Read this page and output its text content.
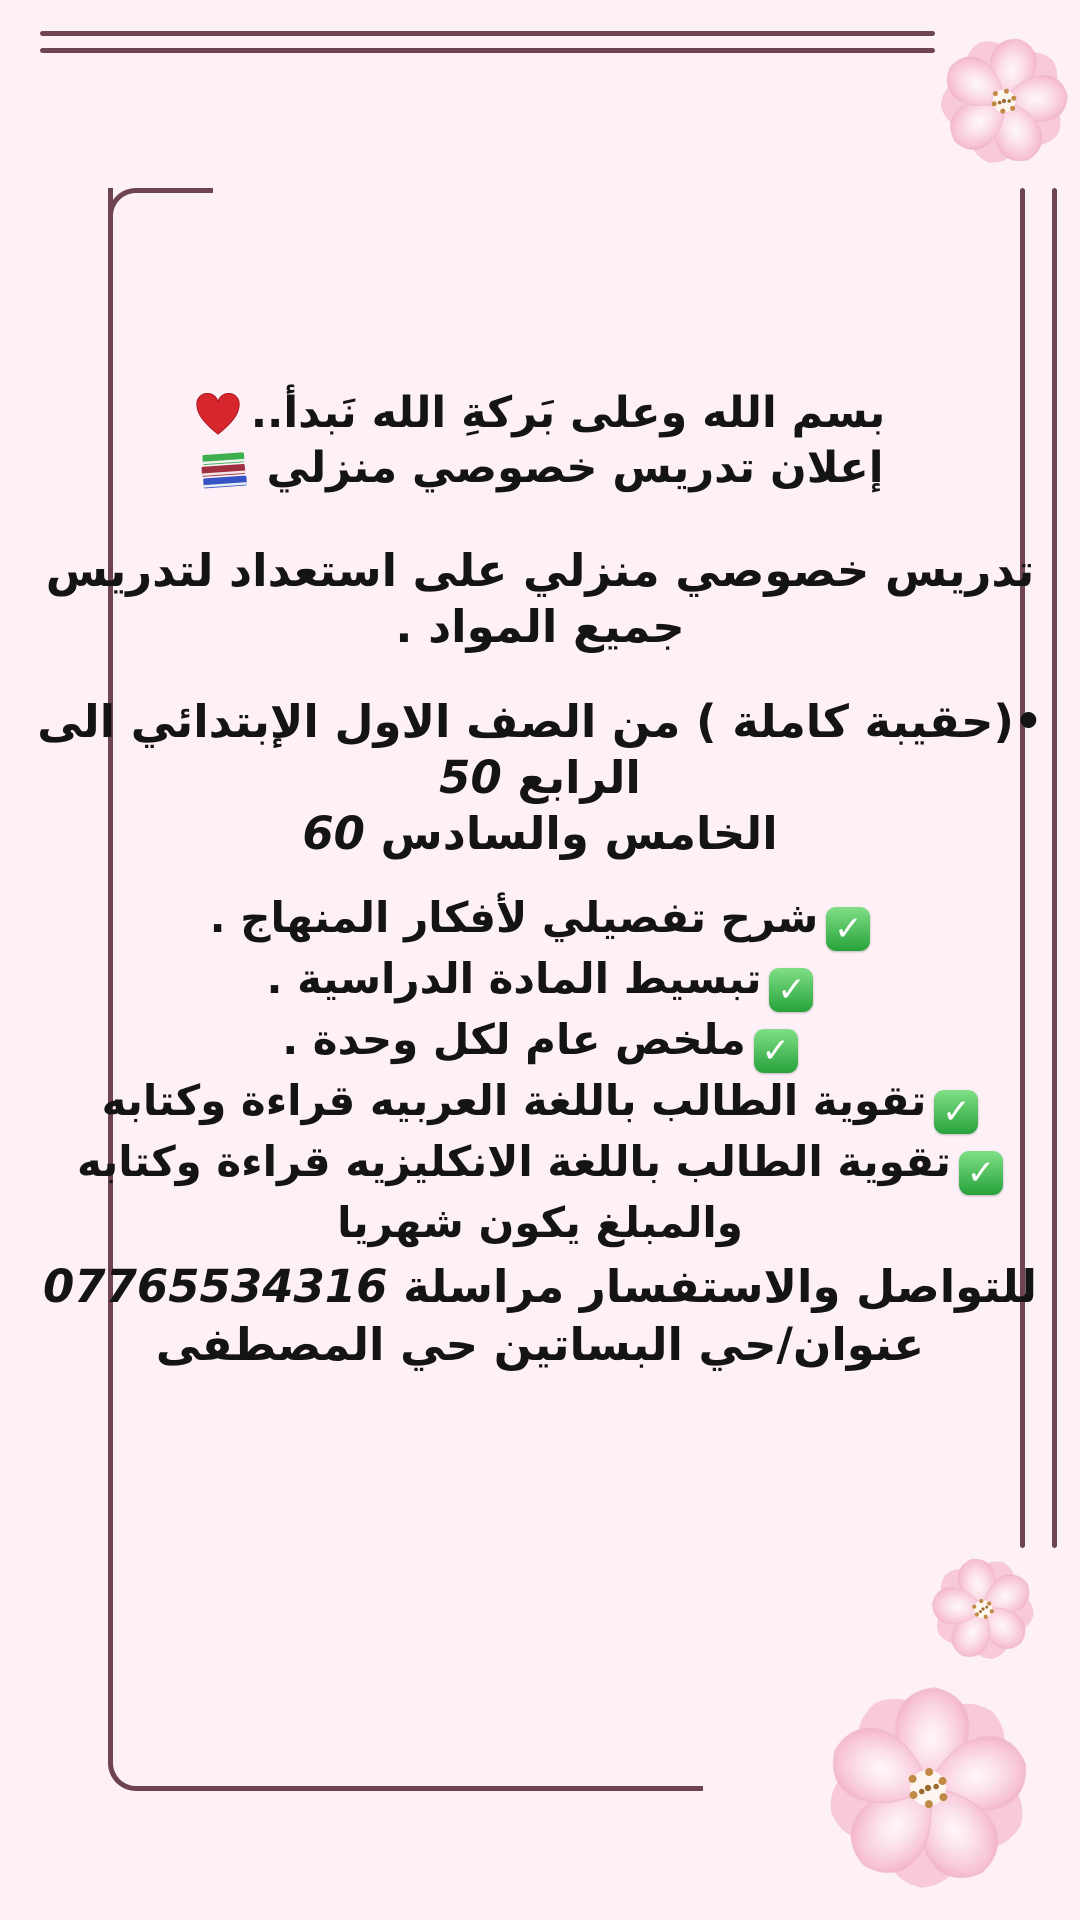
بسم الله وعلى بَركةِ الله نَبدأ..

إعلان تدريس خصوصي منزلي

تدريس خصوصي منزلي على استعداد لتدريس

جميع المواد .

•(حقيبة كاملة ) من الصف الاول الإبتدائي الى

الرابع 50

الخامس والسادس 60

✓شرح تفصيلي لأفكار المنهاج .

✓تبسيط المادة الدراسية .

✓ملخص عام لكل وحدة .

✓تقوية الطالب باللغة العربيه قراءة وكتابه

✓تقوية الطالب باللغة الانكليزيه قراءة وكتابه

والمبلغ يكون شهريا

للتواصل والاستفسار مراسلة 07765534316

عنوان/حي البساتين حي المصطفى
